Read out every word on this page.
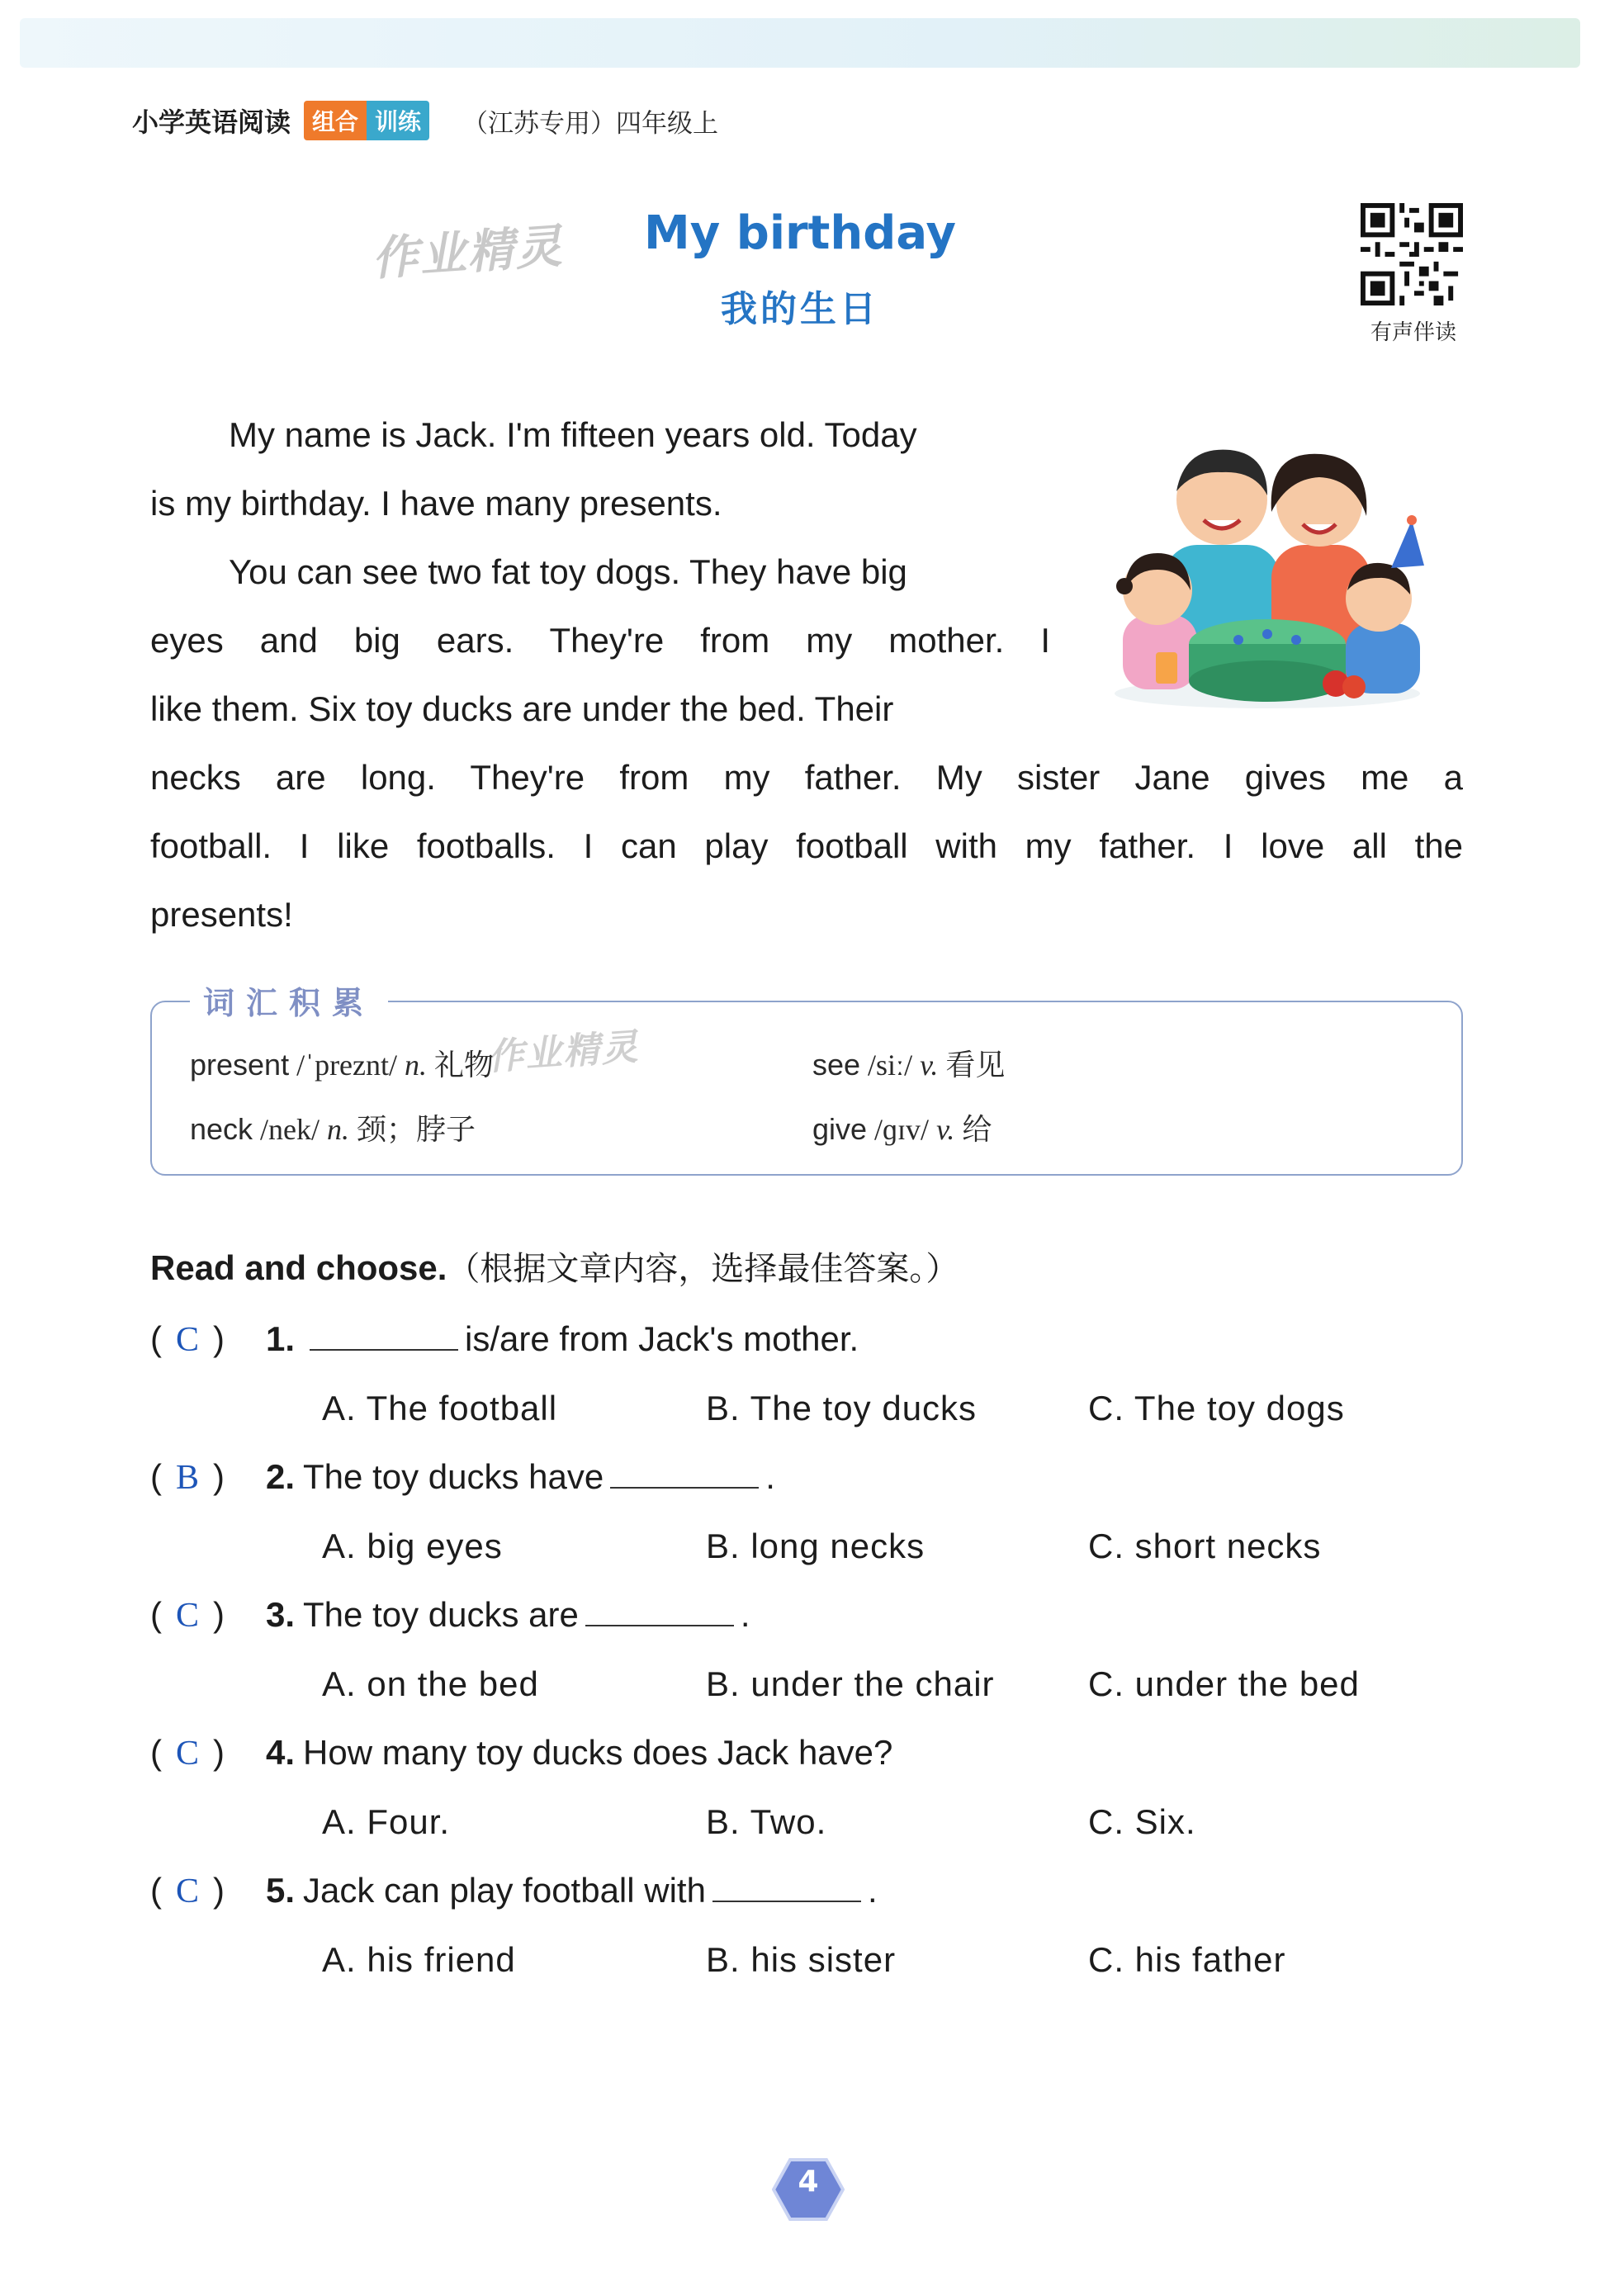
小学英语阅读 组合 训练	（江苏专用）四年级上
作业精灵	My birthday
我的生日
有声伴读
My name is Jack. I'm fifteen years old. Today
is my birthday. I have many presents.
You can see two fat toy dogs. They have big
eyes and big ears. They're from my mother. I
like them. Six toy ducks are under the bed. Their
necks are long. They're from my father. My sister Jane gives me a
football. I like footballs. I can play football with my father. I love all the
presents!
作业精灵
词汇积累
present /ˈpreznt/ n. 礼物	see /siː/ v. 看见
neck /nek/ n. 颈；脖子	give /ɡɪv/ v. 给
Read and choose.（根据文章内容，选择最佳答案。）
( C ) 1.	is/are from Jack's mother.
A. The football	B. The toy ducks	C. The toy dogs
( B ) 2. The toy ducks have	.
A. big eyes	B. long necks	C. short necks
( C ) 3. The toy ducks are	.
A. on the bed	B. under the chair	C. under the bed
( C ) 4. How many toy ducks does Jack have?
A. Four.	B. Two.	C. Six.
( C ) 5. Jack can play football with	.
A. his friend	B. his sister	C. his father
4
